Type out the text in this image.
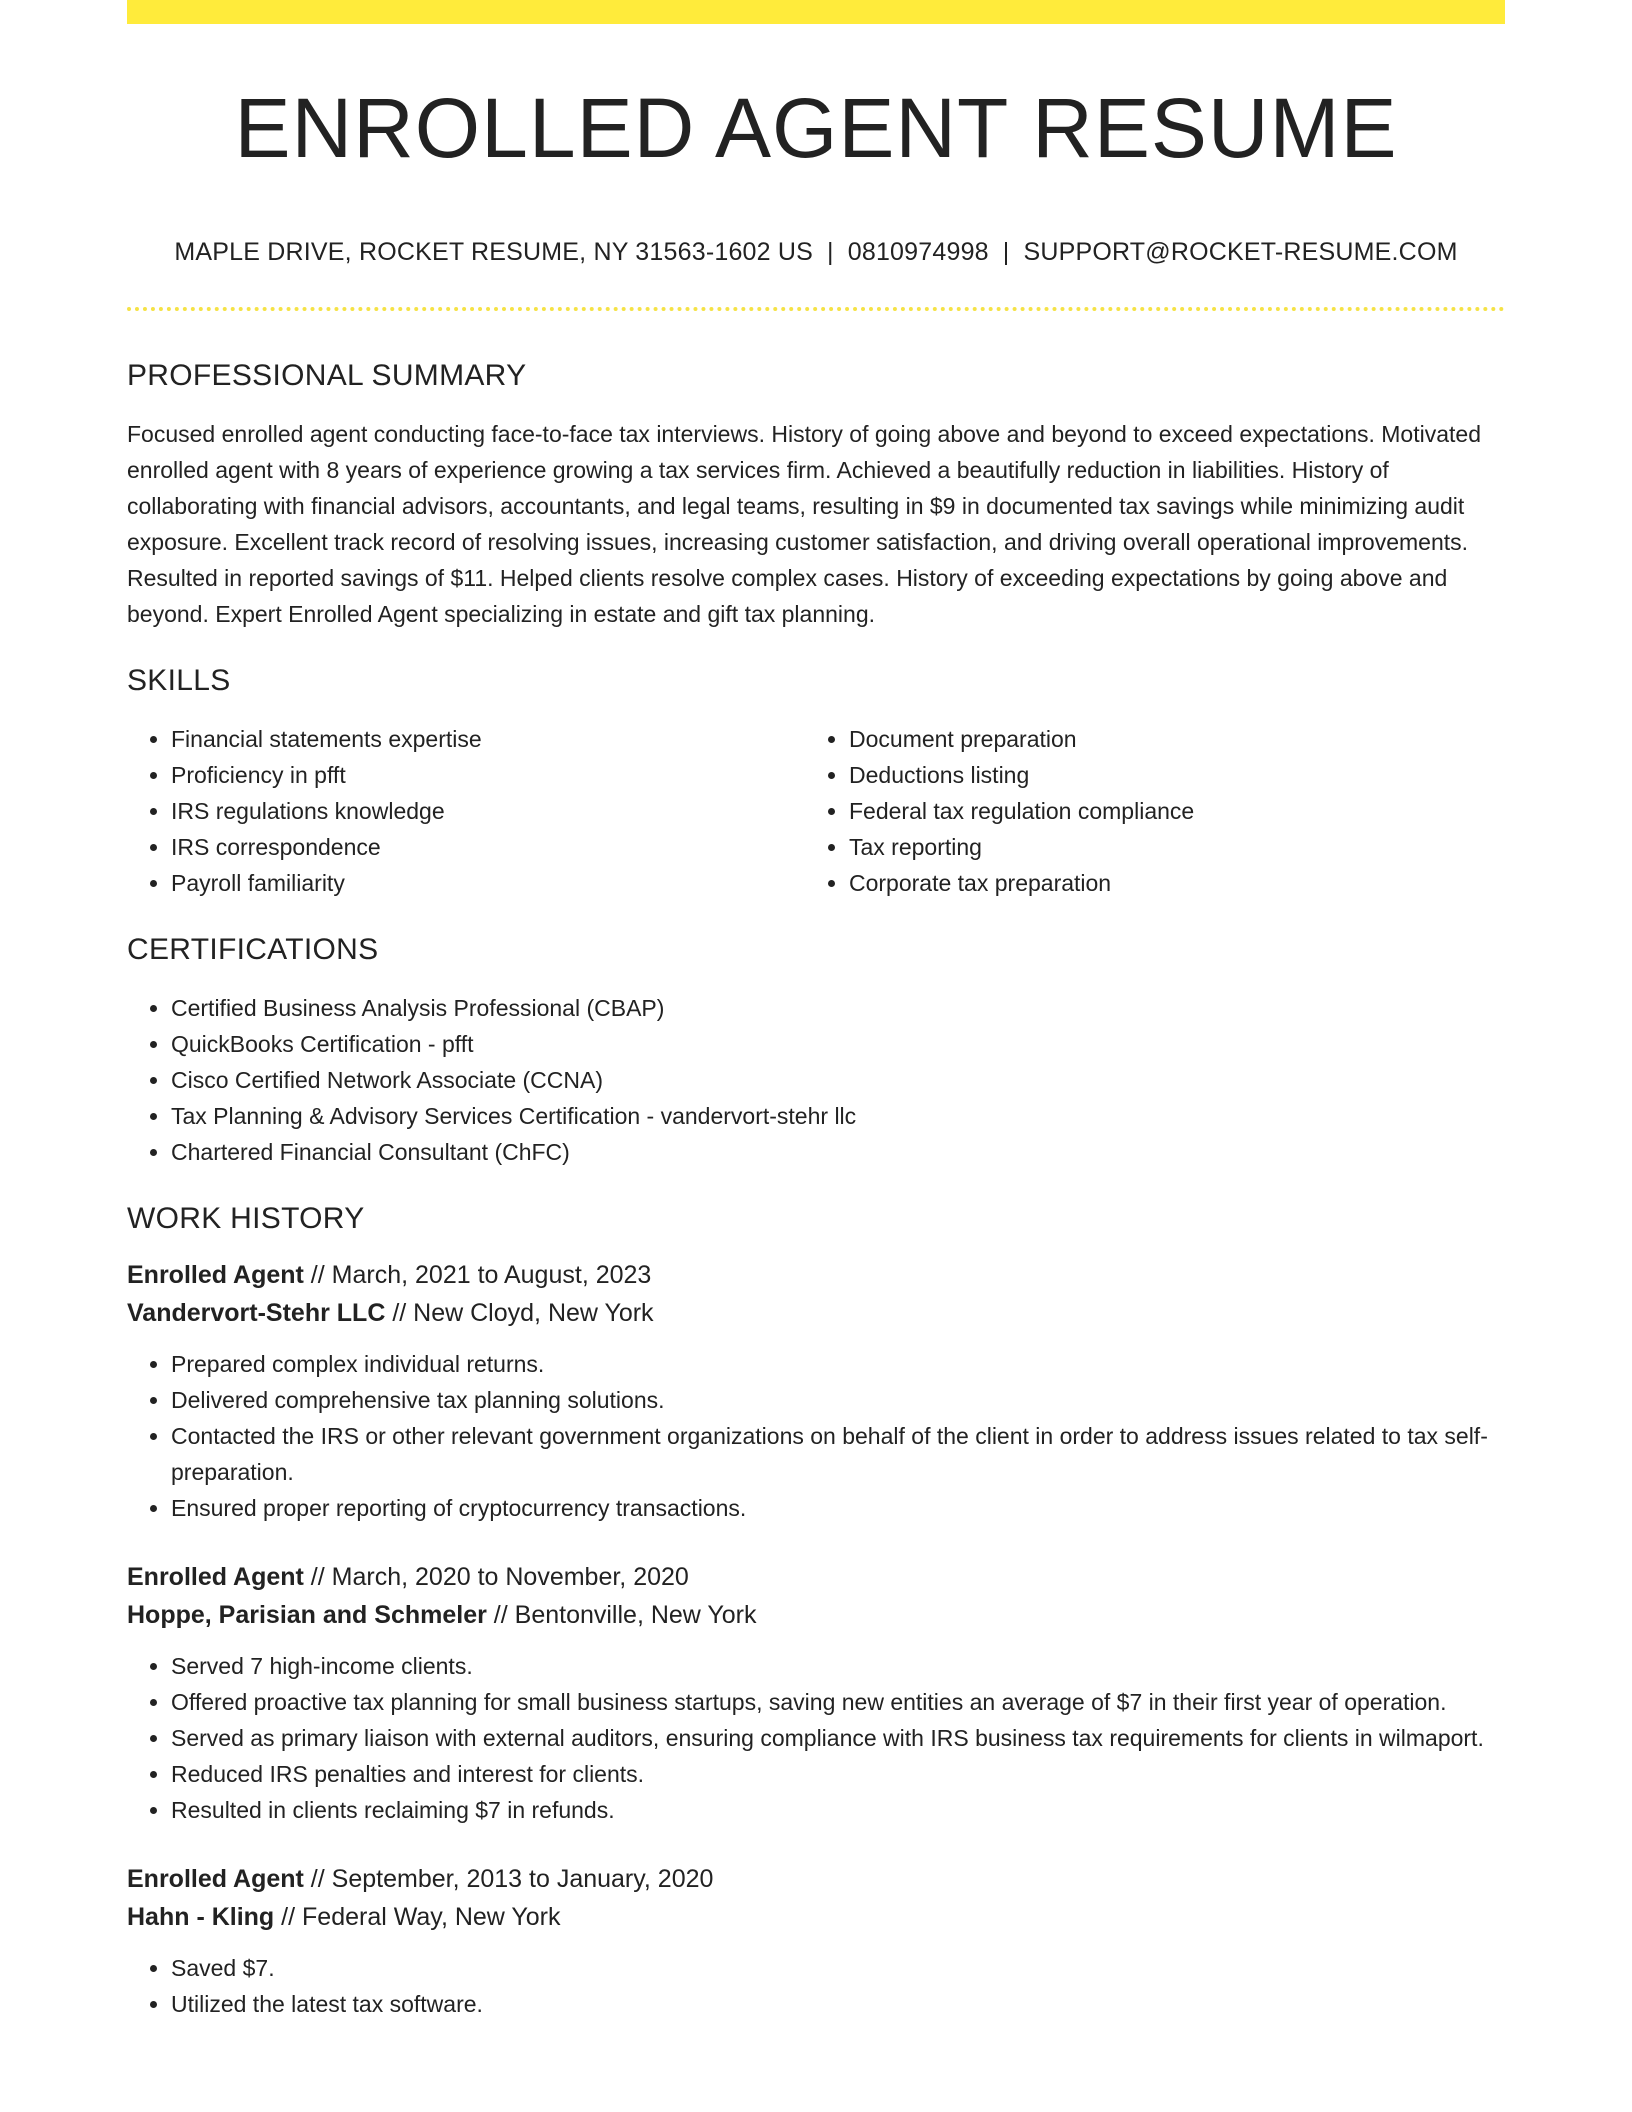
ENROLLED AGENT RESUME
MAPLE DRIVE, ROCKET RESUME, NY 31563-1602 US | 0810974998 | SUPPORT@ROCKET-RESUME.COM
PROFESSIONAL SUMMARY

Focused enrolled agent conducting face-to-face tax interviews. History of going above and beyond to exceed expectations. Motivated enrolled agent with 8 years of experience growing a tax services firm. Achieved a beautifully reduction in liabilities. History of collaborating with financial advisors, accountants, and legal teams, resulting in $9 in documented tax savings while minimizing audit exposure. Excellent track record of resolving issues, increasing customer satisfaction, and driving overall operational improvements. Resulted in reported savings of $11. Helped clients resolve complex cases. History of exceeding expectations by going above and beyond. Expert Enrolled Agent specializing in estate and gift tax planning.

SKILLS
• Financial statements expertise
• Proficiency in pfft
• IRS regulations knowledge
• IRS correspondence
• Payroll familiarity
• Document preparation
• Deductions listing
• Federal tax regulation compliance
• Tax reporting
• Corporate tax preparation
CERTIFICATIONS
• Certified Business Analysis Professional (CBAP)
• QuickBooks Certification - pfft
• Cisco Certified Network Associate (CCNA)
• Tax Planning & Advisory Services Certification - vandervort-stehr llc
• Chartered Financial Consultant (ChFC)
WORK HISTORY
Enrolled Agent // March, 2021 to August, 2023
Vandervort-Stehr LLC // New Cloyd, New York
• Prepared complex individual returns.
• Delivered comprehensive tax planning solutions.
• Contacted the IRS or other relevant government organizations on behalf of the client in order to address issues related to tax self-preparation.
• Ensured proper reporting of cryptocurrency transactions.
Enrolled Agent // March, 2020 to November, 2020
Hoppe, Parisian and Schmeler // Bentonville, New York
• Served 7 high-income clients.
• Offered proactive tax planning for small business startups, saving new entities an average of $7 in their first year of operation.
• Served as primary liaison with external auditors, ensuring compliance with IRS business tax requirements for clients in wilmaport.
• Reduced IRS penalties and interest for clients.
• Resulted in clients reclaiming $7 in refunds.
Enrolled Agent // September, 2013 to January, 2020
Hahn - Kling // Federal Way, New York
• Saved $7.
• Utilized the latest tax software.
